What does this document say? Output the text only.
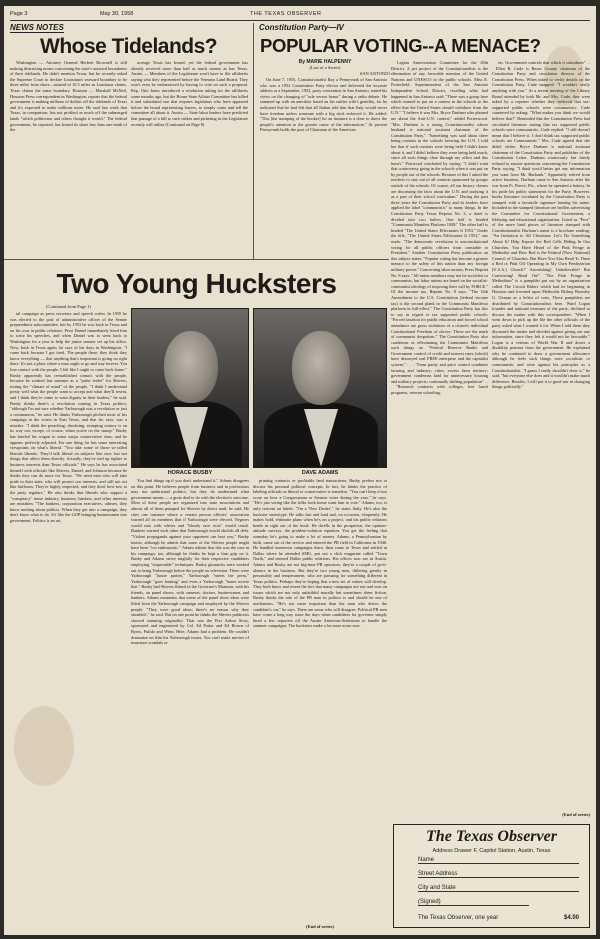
Page 3	May 30, 1958	THE TEXAS OBSERVER
NEWS NOTES	Constitution Party—IV
Whose Tidelands?

Washington — Attorney General Herbert Brownell is still making distracting noises concerning the state's seaward boundaries of their tidelands. He didn't mention Texas, but he recently asked the Supreme Court to declare Louisiana's seaward boundary to be three miles from shore—instead of 10.5 miles as Louisiana claims. Texas claims the same boundary. Houston — Marshall McNeil, Houston Press correspondent in Washington, reports that the federal government is making millions of dollars off the tidelands of Texas and it's expected to make millions more. He said last week that Texas, in comparison, has not profited as much off the submerged lands "which politicians and others thought it would." The federal government, he reported, has leased its share less than one-tenth of the

acreage Texas has leased; yet the federal government has already received more than half as much money as has Texas. Austin — Members of the Legislature won't have to file affidavits saying who they represented before the Veterans Land Board. They won't even be embarrassed by having to vote on such a proposal. Rep. Otto Jones introduced a resolution asking for the affidavits some months ago, but the House State Affairs Committee has killed it and substituted one that requires legislators who have appeared before the board representing buyers, to simply come and tell the committee all about it. Austin — State labor leaders have predicted that passage of a bill to curb strikes and picketing in the Legislature recently will utilize (Continued on Page 8)

POPULAR VOTING--A MENACE?
By MARIE HALPENNY
(Last of a Series)
SAN ANTONIO

On June 7, 1955, Constitutionalist Ray a Pennyvunk of San Antonio who was a 1952 Constitution Party elector and delivered the keynote address at a September, 1952, party convention in San Antonio, stated his views on the changing of "rule versus honor" during a radio debate. He summed up with an anecdote based on his earlier wife's gentility, for he indicated that he had felt that all Italian told him that Italy would never have freedom unless someone with a big stick enforced it. He added: "This [the stamping of the booker] for an instance is a clear to direct the people's attention to the greater cause of the information." At present Pennyvunk holds the post of Chairman of the American

Legion Americanism Committee for the 20th District. A pet project of the Constitutionalists is the elimination of any favorable mention of the United Nations and UNESCO in the public schools. Miss E. Porterfield, Superintendent of the San Antonio Independent School District, recalling what had happened in San Antonio said: "There was a group here which wanted to put on a contest in the schools to the effect that the United States should withdraw from the U.N." "I believe it was Mrs. Bryce Durham who phoned me about the Anti-U.N. contest," added Porterwood. "Mrs. Durham is a strong Constitutionalist whose husband is national assistant chairman of the Constitution Party." "Something was said about there being contests in the schools favoring the U.N. I told her that if such contests were being held I didn't know about it, and I didn't believe they were being held much, since all such things clear through my office and this hasn't." Portwood concluded by saying: "I didn't want that controversy going in the schools when it was put on by people out of the schools. Because of this I asked the teachers to stay out of all contests sponsored by groups outside of the schools. Of course, all our history classes are discussing the facts about the U.N. and studying it as a part of their school curriculum." During the past three years the Constitution Party and its leaders have applied the label "communistic" to many things. In the Constitution Party Texas Reprint No. 3, a sheet is divided into two halves. One half is headed "Communist Manifest Platform 1848." The other half is headed "The United States Effectuates It 1953." Under the title, "The United States Effectuates It 1953," one reads: "The democratic revolution is unconstitutional voting for all public officers from constable to President." Another Constitution Press publication on this subject states: "Popular voting has become a greater menace to the safety of this nation than any foreign military power." Concerning labor unions, Press Reprint No. 8 says: "All union members may not be socialists or communists, but labor unions are based on the socialist-communist ideology of imposing their will by FORCE." Of the income tax, Reprint No. 8 says: "The 16th Amendment to the U.S. Constitution (federal income tax) is the second plank in the Communist Manifesto platform in full effect." The Constitution Party has this to say in regard to tax supported public schools: "Forced taxation for public education and forced school attendance are gross violations of a citizen's individual Constitutional Freedom of choice. These are the mark of communist despotism." The Constitution Party also condemns as effectuating the Communist Manifesto such things as: "Federal Reserve Banks and Government control of credit and interest rates (which) have destroyed real FREE enterprise and the capitalist system." . . . "Farm parity and price control combines farming and industry; cities, excess farm territory; government condemns land for unnecessary housing and military projects; continually shifting population" . . . "Research contracts with colleges, free lunch programs, veteran schooling,

etc. Government controls that which it subsidizes" . . . Ellen R. Cude is Bexar County chairman of the Constitution Party and circulation director of the Constitution Press. When asked to verify details on the Constitution Party, Cude snapped: "I wouldn't verify anything with you." At a recent meeting of the Library Board attended by both Mr. and Mrs. Cude, they were asked by a reporter whether they believed that tax-supported public schools were communistic. Cude countered by asking: "What makes you think we would believe that?" Reminded that the Constitution Press had circulated literature stating that tax supported public schools were communistic, Cude replied: "I still doesn't mean that I believe it. I don't think tax supported public schools are Communistic." Mrs. Cude agreed that she didn't either. Bryce Durham is national assistant chairman of the Constitution Party and publisher of the Constitution Letter. Durham courteously but firmly refused to answer questions concerning the Constitution Party saying, "I think you'd better get any information you want from Mr. Burbank." Apparently retired from active business, Durham came to San Antonio after the war from Ft. Pierce, Fla., where he operated a bakery. In his pride his public statements for the Party. However, books literature circulated by the Constitution Party is stamped with a facsimile signature bearing his name. Included in the stamped literature are leaflets advertising the Committee for Constitutional Government, a lobbying and educational organization. Listed as "Pros" of the more lurid pieces of literature stamped with Constitutionalist Durham's name is a brochure reading: "An Invitation to All Christians: Let's Do Something About It! Help Expose the Red Cells Hiding In Our Churches. You Have Heard of the Pink Fringe in Methodist and How Red is the Federal (Now National) Council of Churches. But Have You Also Read 'Is There a Red or Pink Oil Operating in My Own Presbyterian (U.S.A.) Church?' Astonishing! Unbelievable! But Convincing! Read On!" "The Pink Fringe in Methodism" is a pamphlet put out by an organization called The Circuit Riders which had its beginning in Houston and frowned upon Methodist Bishop Bromley G. Oxnam as a leftist of sorts. These pamphlets are distributed by Constitutionalists here. Ward Logan founder and national treasurer of the party, declined to discuss the matter with this correspondent: "When I went down to pick up the file the other officials of the party asked what I wanted it for. When I told them they discussed the matter and decided against giving out any information, since they felt it would not be favorable." Logan is a veteran of World War II and draws a disability pension from the government. He explained why he continued to draw a government allowance although he feels such things were socialistic or communistic and were against his principles as a Constitutionalist. "I guess I really shouldn't draw it," he said, "but everyone else does and it wouldn't make much difference. Besides, I will put it to good use in changing things politically."

(End of series)
Two Young Hucksters
(Continued from Page 1)

tal campaign as press secretary and speech writer. In 1950 he was elected to the post of administrative officer of the Senate preparedness subcommittee, but by 1953 he was back in Texas and on his own in public relations. Price Daniel immediately hired him to write his speeches, and when Daniel was to went back to Washington for a year to help the junior senator set up his office. Now, back in Texas again, he says of his days in Washington: "I came back because I got tired. The people there, they think they know everything — that anything that's important is going on right there. It's not a place where a man ought to go and stay forever. You lose contact with the people. I felt like I ought to come back home." Busby apparently has reestablished contact with the people, because he worked last summer as a "pulse feeler" for Shivers, testing the "climate of mind" of the people. "I think I understand pretty well what the people want to accept and what they'll resent, and I think they're come to want dignity in their leaders," he said. Busby thinks there's a revolution coming in Texas politics, "although I'm not sure whether Yarborough was a revolution or just a communion," he said. He thinks Yarborough pitched most of his campaign at the voters in East Texas, and that he, says, was a mistake. "I think the preaching, droshsing, stomping oratory is on its way out, except, of course, when you're on the stump." Busby has briefed his wagon to some major conservative stars, and he appears perfectly adjusted. For one thing, he has some interesting viewpoints on what's liberal. "You take some of those so-called liberals liberals. They'd talk liberal on subjects like race, but not things that affect them directly. Actually, they've tied up tighter to business interests than Texas officials." He says he has associated himself with officials like Shivers, Daniel, and Johnson because he thinks they can do more for Texas. "We need men who will take pride in their state, who will protect our interests, and still not act like buffoons. They're highly respected, and they don't bow-tow to the party regulars." He also thinks that liberals who support a "conspiracy" sense industry, business, bankers, and other interests are mistaken. "The bankers, corporation executives, oilmen, they know nothing about politics. When they get into a campaign, they don't know what to do. It's like the GOP bringing businessmen into government. Politics is an art,

HORACE BUSBY	DAVE ADAMS

You find things up if you don't understand it." Adams disagrees on this point. He believes people from business and in professions may not understand politics, but they do understand what government means — a great deal to do with the election's outcome. Most of these people are organized into state associations and almost all of them pumped for Shivers by direct mail, he said. He cites one instance where a certain person officers' association warned all its members that if Yarborough were elected, Negroes would mix with whites and "bloody race riots" would result. Bankers warned each other that Yarborough would abolish all debt. "Violent propaganda against your opponent can hurt you," Busby insists, although he admits that some of the Shivers people might have been "too enthusiastic." Adams admits that this was the case in his campaign, too, although he thinks he kept a firm grip on it. Busby and Adams strive mightily for their respective candidates employing "respectable" techniques. Busby gimmicks were worked out to bring Yarborough before the people on television. There were Yarborough "house parties," Yarborough "meets the press," Yarborough "goes hunting" and even a Yarborough "home movie line." Busby had Shivers filmed in the Governor's Mansion, with his friends, on panel shows, with cameras, doctors, businessmen, and bankers. Adams maintains that some of the panel show ideas were lifted from the Yarborough campaign and employed by the Shivers people. "They were good ideas; there's no reason why they shouldn't," he said. But on one point he thinks the Shivers publicists showed stunning originality: That was the Port Arthur Story, sponsored and engineered by Col. Ed Potter and Ed Brown of Byers, Pulido and Winn. Here, Adams had a problem. He couldn't dramatize on film his Yarborough issues. You can't make movies of insurance scandals or

printing contracts or profitable land transactions. Busby prefers not to discuss his personal political concepts. In fact, he thinks the practice of labeling officials as liberal or conservative is senseless. "You can't keep a box score on how a Congressman or Senator votes during the year," he says. "He's just voting like the folks back home want him to vote." Adams, too, is only reticent on labels. "I'm a 'New Dealer'," he states flatly. He's also the huckster stereotype. He talks fast and loud and, on occasion, eloquently. He makes bold, elaborate plans when he's on a project, and his public relations bends in right out of the book. He dwells in the prospectus, the opinion-attitude surveys, the problem-solution equation. You get the feeling that someday he's going to make a lot of money. Adams, a Pennsylvanian by birth, came out of the service and entered the PR field in California in 1946. He handled numerous campaigns there, then came to Texas and settled in Dallas where he attended SMU, put out a slick magazine called "Town North," and entered Dallas public relations. His offices now are in Austin. Adams and Busby are not big-time PR operators; they're a couple of go-it-aloners in the business. But they're two young men, differing greatly in personality and temperament, who are pursuing for something different in Texas politics. Perhaps they're hoping that a new set of values will develop. They both know and resent the fact that many campaigns are run and won on issues which are not only unfaithful morally but sometimes sheer fiction. Busby thinks the role of the PR man in politics is and should be one of mechanism. "He's not more important than the man who drives the candidate's car," he says. There are some who will disagree. Political PR men have come a long way since the days when candidates for governor simply hired a few reporters off the Austin American-Statesman to handle the summer campaigns. The hucksters make a lot more noise now.

(End of series)
The Texas Observer
Address Drawer F, Capitol Station, Austin, Texas
Name
Street Address
City and State
(Signed)
The Texas Observer, one year	$4.00
